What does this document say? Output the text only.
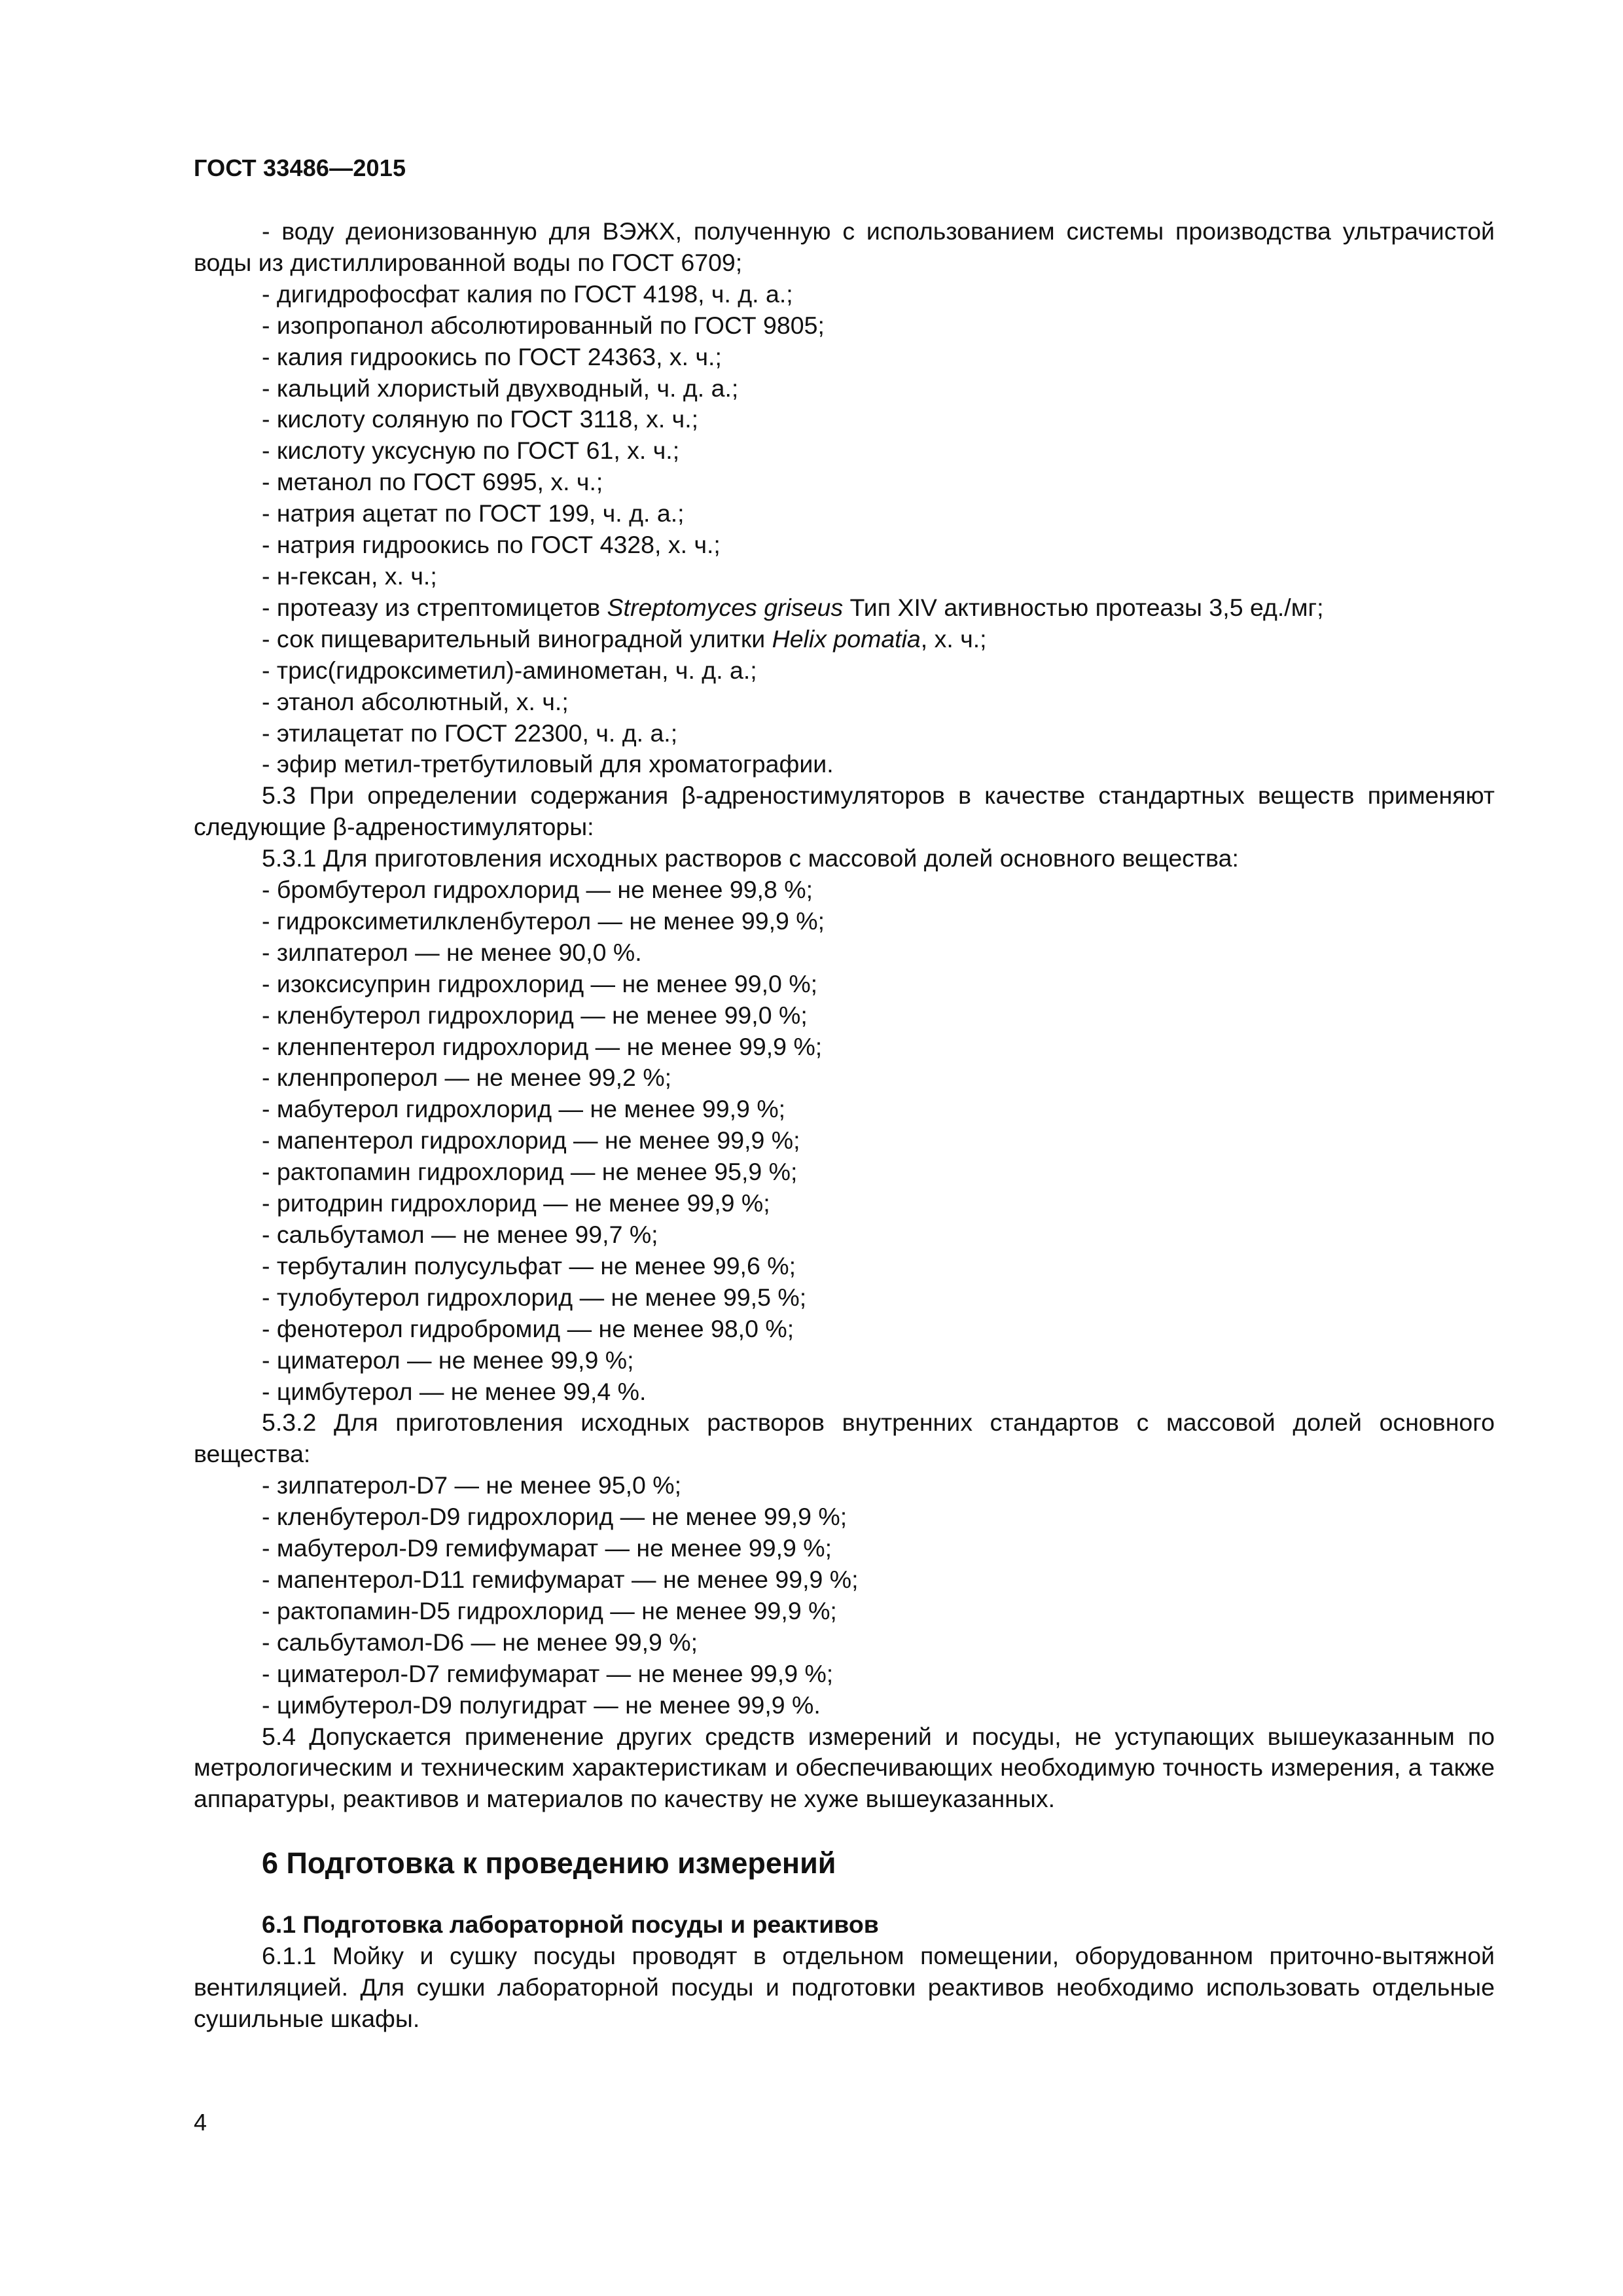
ГОСТ 33486—2015

- воду деионизованную для ВЭЖХ, полученную с использованием системы производства ультрачистой воды из дистиллированной воды по ГОСТ 6709;

- дигидрофосфат калия по ГОСТ 4198, ч. д. а.;
- изопропанол абсолютированный по ГОСТ 9805;
- калия гидроокись по ГОСТ 24363, х. ч.;
- кальций хлористый двухводный, ч. д. а.;
- кислоту соляную по ГОСТ 3118, х. ч.;
- кислоту уксусную по ГОСТ 61, х. ч.;
- метанол по ГОСТ 6995, х. ч.;
- натрия ацетат по ГОСТ 199, ч. д. а.;
- натрия гидроокись по ГОСТ 4328, х. ч.;
- н-гексан, х. ч.;
- протеазу из стрептомицетов Streptomyces griseus Тип XIV активностью протеазы 3,5 ед./мг;
- сок пищеварительный виноградной улитки Helix pomatia, х. ч.;
- трис(гидроксиметил)-аминометан, ч. д. а.;
- этанол абсолютный, х. ч.;
- этилацетат по ГОСТ 22300, ч. д. а.;
- эфир метил-третбутиловый для хроматографии.

5.3 При определении содержания β-адреностимуляторов в качестве стандартных веществ применяют следующие β-адреностимуляторы:

5.3.1 Для приготовления исходных растворов с массовой долей основного вещества:
- бромбутерол гидрохлорид — не менее 99,8 %;
- гидроксиметилкленбутерол — не менее 99,9 %;
- зилпатерол — не менее 90,0 %.
- изоксисуприн гидрохлорид — не менее 99,0 %;
- кленбутерол гидрохлорид — не менее 99,0 %;
- кленпентерол гидрохлорид — не менее 99,9 %;
- кленпроперол — не менее 99,2 %;
- мабутерол гидрохлорид — не менее 99,9 %;
- мапентерол гидрохлорид — не менее 99,9 %;
- рактопамин гидрохлорид — не менее 95,9 %;
- ритодрин гидрохлорид — не менее 99,9 %;
- сальбутамол — не менее 99,7 %;
- тербуталин полусульфат — не менее 99,6 %;
- тулобутерол гидрохлорид — не менее 99,5 %;
- фенотерол гидробромид — не менее 98,0 %;
- циматерол — не менее 99,9 %;
- цимбутерол — не менее 99,4 %.

5.3.2 Для приготовления исходных растворов внутренних стандартов с массовой долей основного вещества:

- зилпатерол-D7 — не менее 95,0 %;
- кленбутерол-D9 гидрохлорид — не менее 99,9 %;
- мабутерол-D9 гемифумарат — не менее 99,9 %;
- мапентерол-D11 гемифумарат — не менее 99,9 %;
- рактопамин-D5 гидрохлорид — не менее 99,9 %;
- сальбутамол-D6 — не менее 99,9 %;
- циматерол-D7 гемифумарат — не менее 99,9 %;
- цимбутерол-D9 полугидрат — не менее 99,9 %.

5.4 Допускается применение других средств измерений и посуды, не уступающих вышеуказанным по метрологическим и техническим характеристикам и обеспечивающих необходимую точность измерения, а также аппаратуры, реактивов и материалов по качеству не хуже вышеуказанных.

6 Подготовка к проведению измерений
6.1 Подготовка лабораторной посуды и реактивов

6.1.1 Мойку и сушку посуды проводят в отдельном помещении, оборудованном приточно-вытяжной вентиляцией. Для сушки лабораторной посуды и подготовки реактивов необходимо использовать отдельные сушильные шкафы.

4
